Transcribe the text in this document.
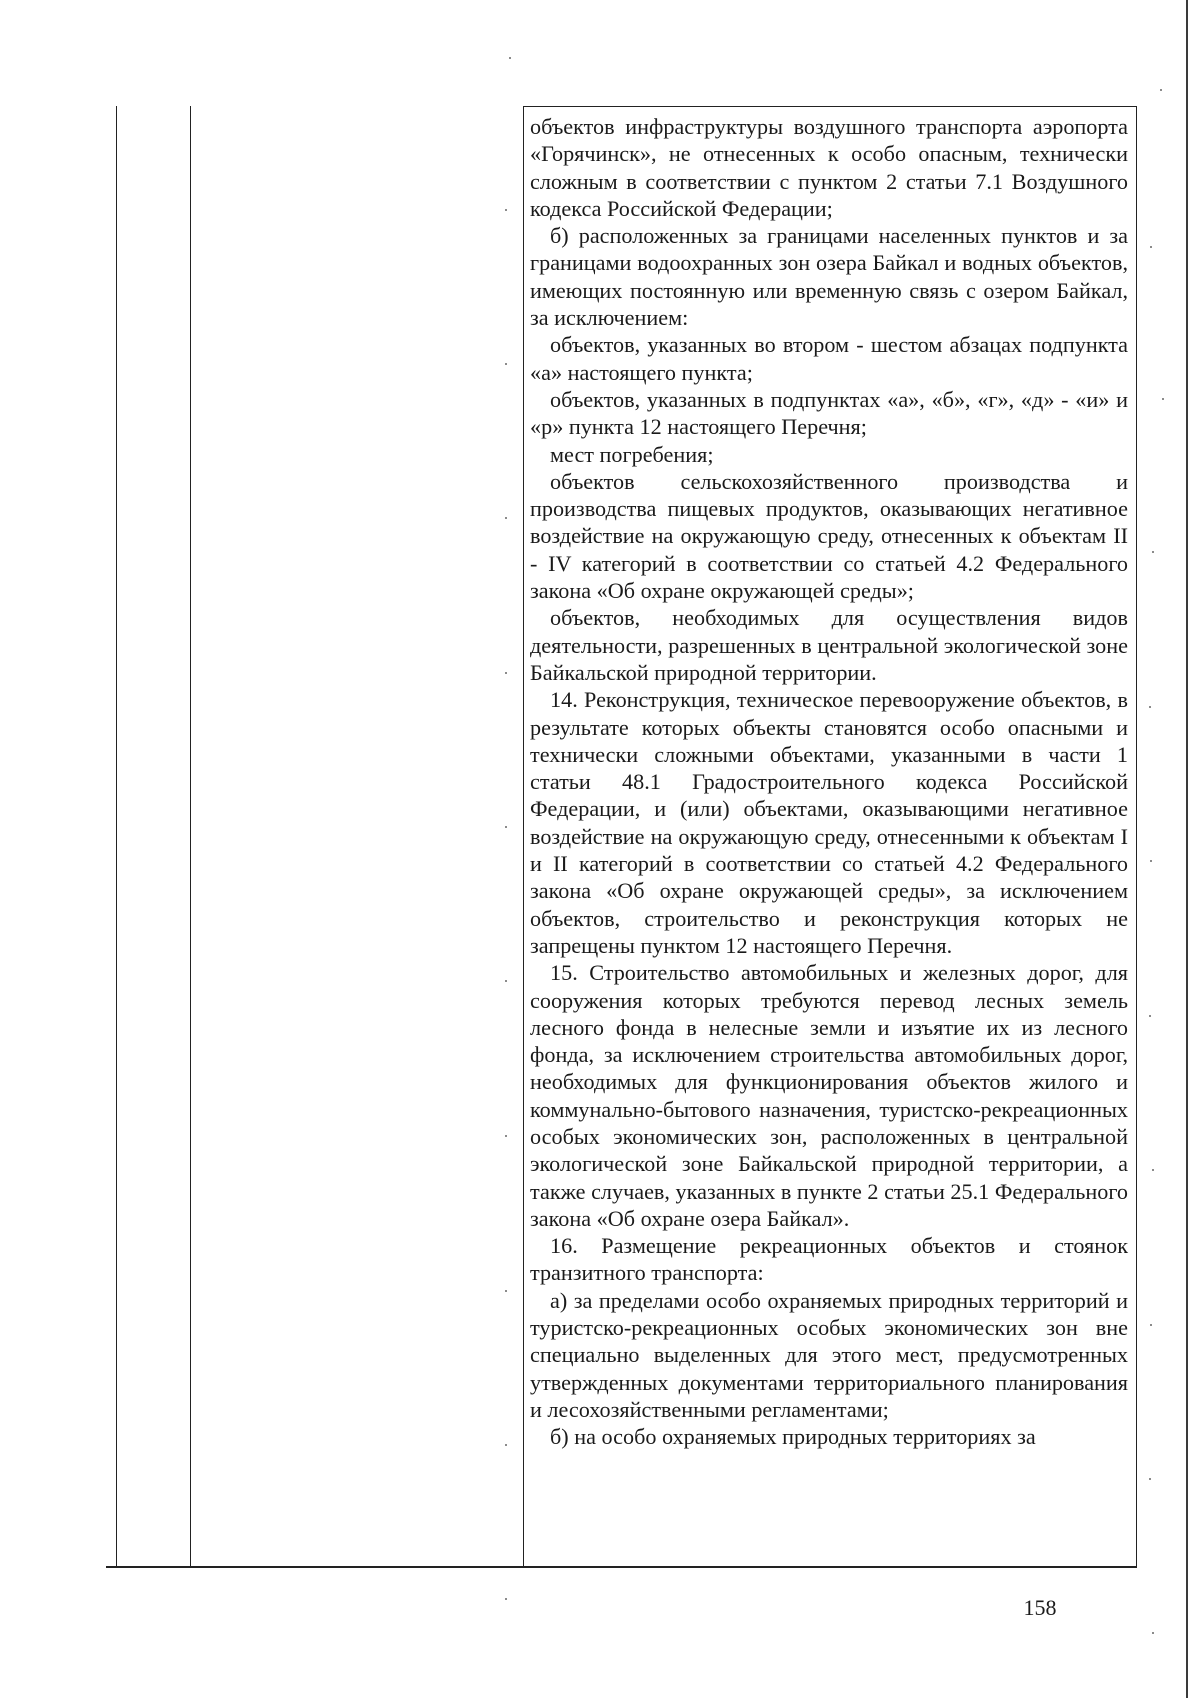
объектов инфраструктуры воздушного транспорта аэропорта «Горячинск», не отнесенных к особо опасным, технически сложным в соответствии с пунктом 2 статьи 7.1 Воздушного кодекса Российской Федерации;

б) расположенных за границами населенных пунктов и за границами водоохранных зон озера Байкал и водных объектов, имеющих постоянную или временную связь с озером Байкал, за исключением:

объектов, указанных во втором - шестом абзацах подпункта «а» настоящего пункта;

объектов, указанных в подпунктах «а», «б», «г», «д» - «и» и «р» пункта 12 настоящего Перечня;

мест погребения;

объектов сельскохозяйственного производства и производства пищевых продуктов, оказывающих негативное воздействие на окружающую среду, отнесенных к объектам II - IV категорий в соответствии со статьей 4.2 Федерального закона «Об охране окружающей среды»;

объектов, необходимых для осуществления видов деятельности, разрешенных в центральной экологической зоне Байкальской природной территории.

14. Реконструкция, техническое перевооружение объектов, в результате которых объекты становятся особо опасными и технически сложными объектами, указанными в части 1 статьи 48.1 Градостроительного кодекса Российской Федерации, и (или) объектами, оказывающими негативное воздействие на окружающую среду, отнесенными к объектам I и II категорий в соответствии со статьей 4.2 Федерального закона «Об охране окружающей среды», за исключением объектов, строительство и реконструкция которых не запрещены пунктом 12 настоящего Перечня.

15. Строительство автомобильных и железных дорог, для сооружения которых требуются перевод лесных земель лесного фонда в нелесные земли и изъятие их из лесного фонда, за исключением строительства автомобильных дорог, необходимых для функционирования объектов жилого и коммунально-бытового назначения, туристско-рекреационных особых экономических зон, расположенных в центральной экологической зоне Байкальской природной территории, а также случаев, указанных в пункте 2 статьи 25.1 Федерального закона «Об охране озера Байкал».

16. Размещение рекреационных объектов и стоянок транзитного транспорта:

а) за пределами особо охраняемых природных территорий и туристско-рекреационных особых экономических зон вне специально выделенных для этого мест, предусмотренных утвержденных документами территориального планирования и лесохозяйственными регламентами;

б) на особо охраняемых природных территориях за

158
